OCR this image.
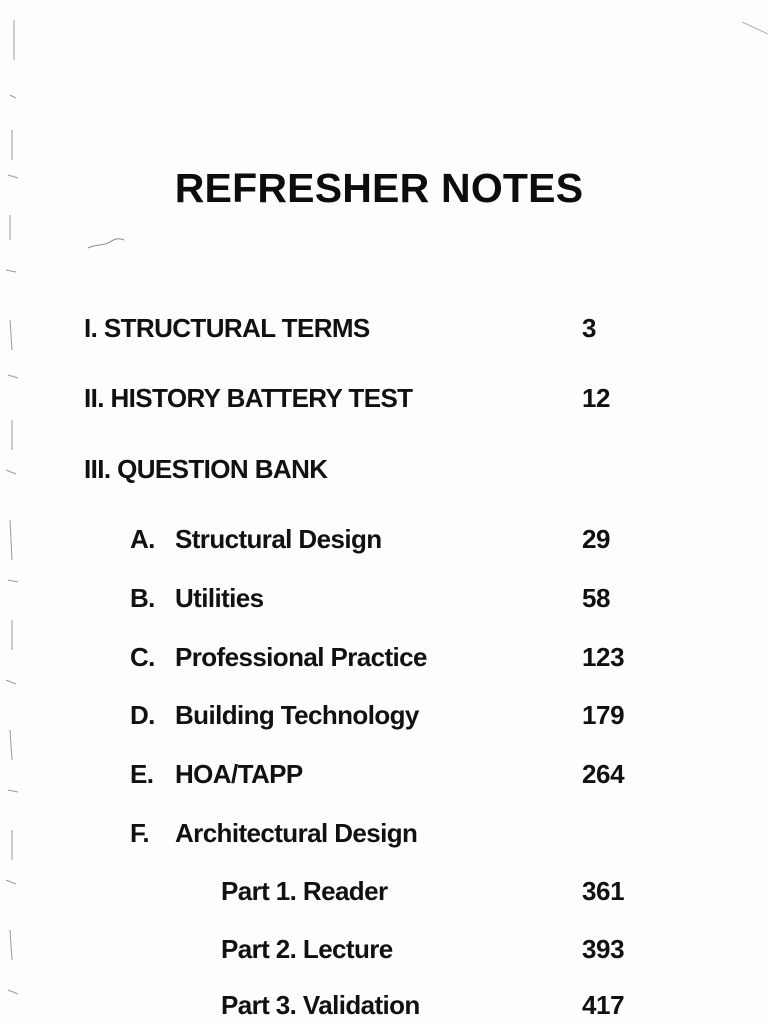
REFRESHER NOTES
I. STRUCTURAL TERMS	3
II. HISTORY BATTERY TEST	12
III. QUESTION BANK
A. Structural Design	29
B. Utilities	58
C. Professional Practice	123
D. Building Technology	179
E. HOA/TAPP	264
F. Architectural Design
Part 1. Reader	361
Part 2. Lecture	393
Part 3. Validation	417
